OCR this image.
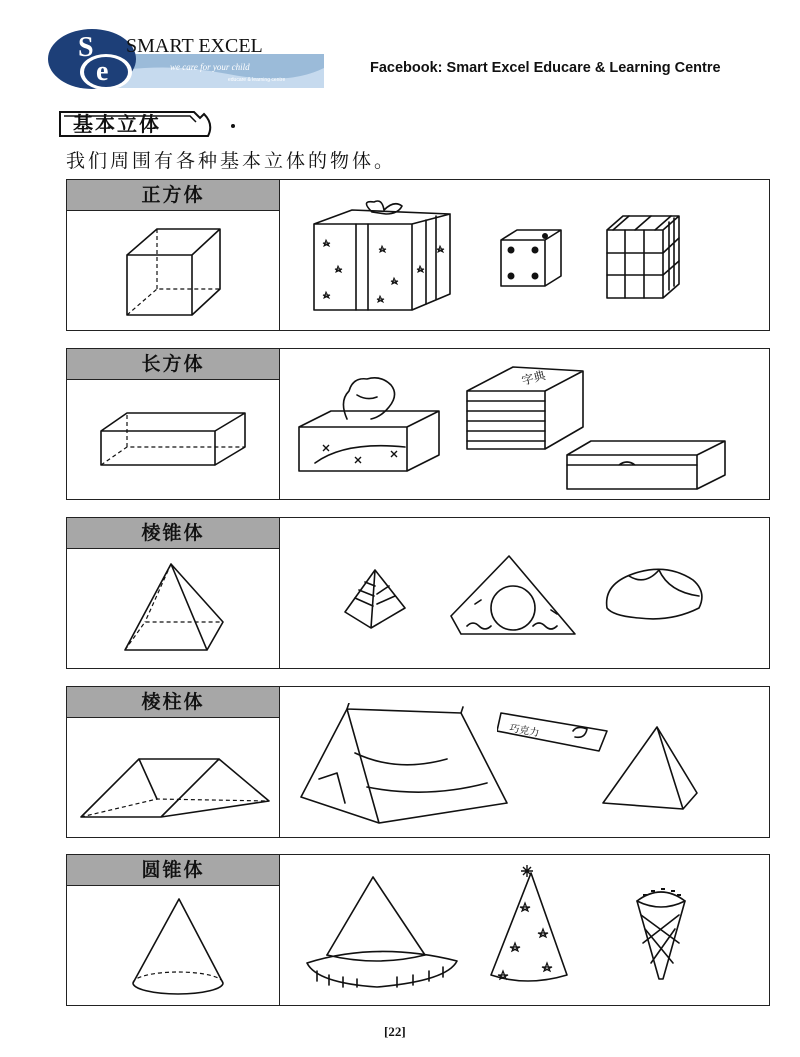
e
S SMART EXCEL
we care for your child
educare & learning centre
Facebook: Smart Excel Educare & Learning Centre
基本立体
我们周围有各种基本立体的物体。
正方体
长方体
字典
棱锥体
棱柱体
巧克力
圆锥体
[22]
